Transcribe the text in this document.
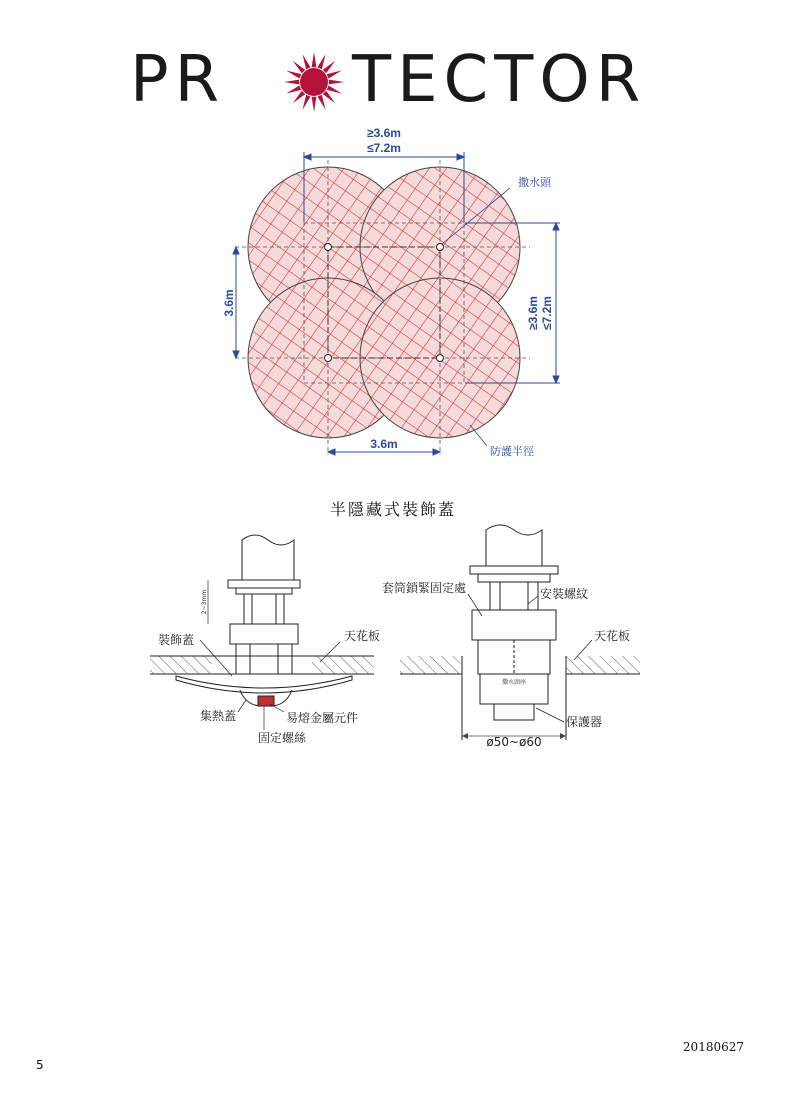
PR TECTOR
≥3.6m
≤7.2m
3.6m	≥3.6m ≤7.2m
3.6m
撒水頭
防護半徑
半隱藏式裝飾蓋
2~3mm
裝飾蓋	天花板
集熱蓋	易熔金屬元件
固定螺絲
撒水頭座
套筒鎖緊固定處	安裝螺紋
天花板
保護器
ø50~ø60
20180627
5
